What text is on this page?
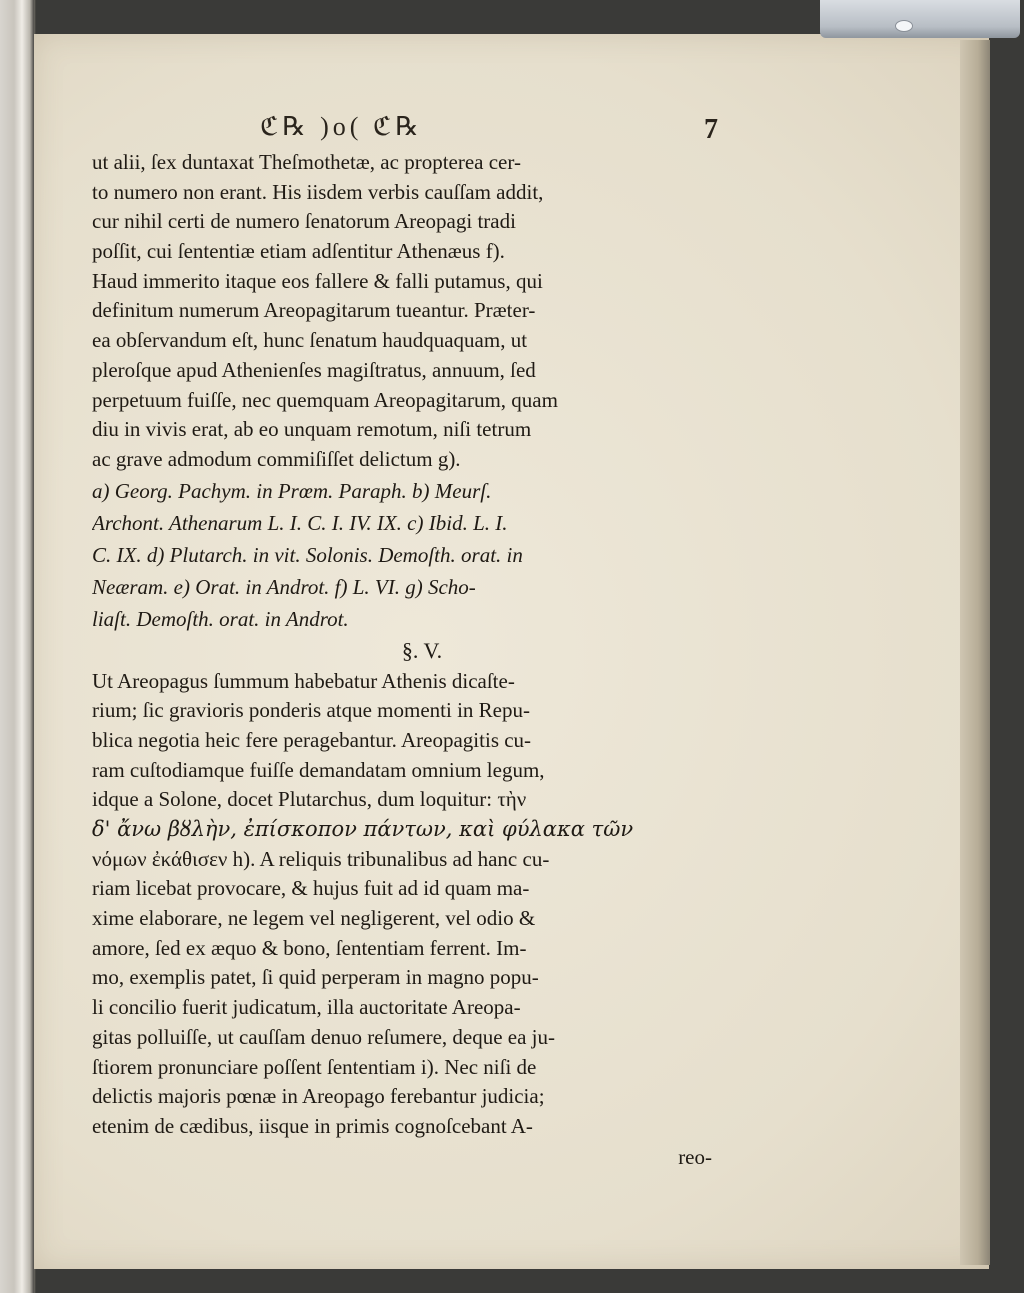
ℭ℞ )o( ℭ℞	7
ut alii, ſex duntaxat Theſmothetæ, ac propterea cer-
to numero non erant. His iisdem verbis cauſſam addit,
cur nihil certi de numero ſenatorum Areopagi tradi
poſſit, cui ſententiæ etiam adſentitur Athenæus f).
Haud immerito itaque eos fallere & falli putamus, qui
definitum numerum Areopagitarum tueantur. Præter-
ea obſervandum eſt, hunc ſenatum haudquaquam, ut
pleroſque apud Athenienſes magiſtratus, annuum, ſed
perpetuum fuiſſe, nec quemquam Areopagitarum, quam
diu in vivis erat, ab eo unquam remotum, niſi tetrum
ac grave admodum commiſiſſet delictum g).
a) Georg. Pachym. in Prœm. Paraph. b) Meurſ.
Archont. Athenarum L. I. C. I. IV. IX. c) Ibid. L. I.
C. IX. d) Plutarch. in vit. Solonis. Demoſth. orat. in
Neæram. e) Orat. in Androt. f) L. VI. g) Scho-
liaſt. Demoſth. orat. in Androt.
§. V.
Ut Areopagus ſummum habebatur Athenis dicaſte-
rium; ſic gravioris ponderis atque momenti in Repu-
blica negotia heic fere peragebantur. Areopagitis cu-
ram cuſtodiamque fuiſſe demandatam omnium legum,
idque a Solone, docet Plutarchus, dum loquitur: τὴν
δ' ἄνω βȣλὴν, ἐπίσκοπον πάντων, καὶ φύλακα τῶν
νόμων ἐκάθισεν h). A reliquis tribunalibus ad hanc cu-
riam licebat provocare, & hujus fuit ad id quam ma-
xime elaborare, ne legem vel negligerent, vel odio &
amore, ſed ex æquo & bono, ſententiam ferrent. Im-
mo, exemplis patet, ſi quid perperam in magno popu-
li concilio fuerit judicatum, illa auctoritate Areopa-
gitas polluiſſe, ut cauſſam denuo reſumere, deque ea ju-
ſtiorem pronunciare poſſent ſententiam i). Nec niſi de
delictis majoris pœnæ in Areopago ferebantur judicia;
etenim de cædibus, iisque in primis cognoſcebant A-
reo-
